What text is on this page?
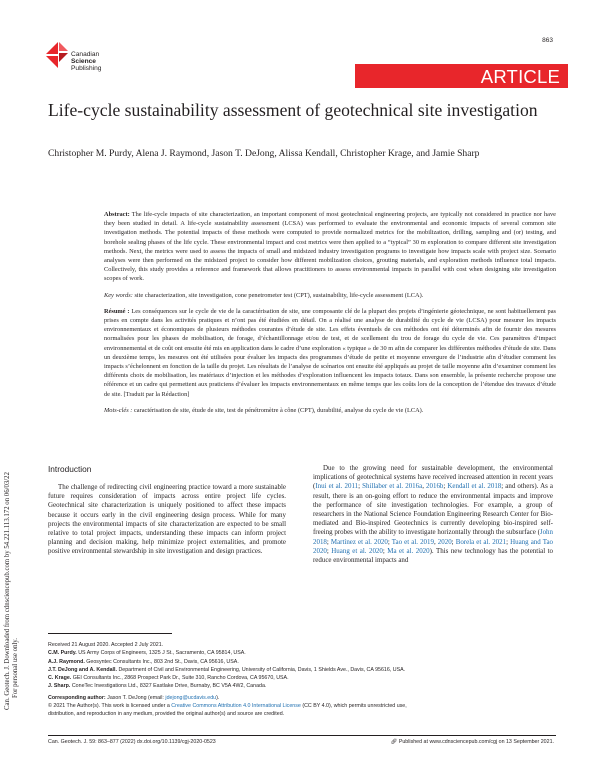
Canadian
Science
Publishing
863
ARTICLE
Life-cycle sustainability assessment of geotechnical site investigation
Christopher M. Purdy, Alena J. Raymond, Jason T. DeJong, Alissa Kendall, Christopher Krage, and Jamie Sharp
Can. Geotech. J. Downloaded from cdnsciencepub.com by 54.221.113.172 on 06/03/22
For personal use only.

Abstract: The life-cycle impacts of site characterization, an important component of most geotechnical engineering projects, are typically not considered in practice nor have they been studied in detail. A life-cycle sustainability assessment (LCSA) was performed to evaluate the environmental and economic impacts of several common site investigation methods. The potential impacts of these methods were computed to provide normalized metrics for the mobilization, drilling, sampling and (or) testing, and borehole sealing phases of the life cycle. These environmental impact and cost metrics were then applied to a “typical” 30 m exploration to compare different site investigation methods. Next, the metrics were used to assess the impacts of small and midsized industry investigation programs to investigate how impacts scale with project size. Scenario analyses were then performed on the midsized project to consider how different mobilization choices, grouting materials, and exploration methods influence total impacts. Collectively, this study provides a reference and framework that allows practitioners to assess environmental impacts in parallel with cost when designing site investigation scopes of work.

Key words: site characterization, site investigation, cone penetrometer test (CPT), sustainability, life-cycle assessment (LCA).

Résumé : Les conséquences sur le cycle de vie de la caractérisation de site, une composante clé de la plupart des projets d’ingénierie géotechnique, ne sont habituellement pas prises en compte dans les activités pratiques et n’ont pas été étudiées en détail. On a réalisé une analyse de durabilité du cycle de vie (LCSA) pour mesurer les impacts environnementaux et économiques de plusieurs méthodes courantes d’étude de site. Les effets éventuels de ces méthodes ont été déterminés afin de fournir des mesures normalisées pour les phases de mobilisation, de forage, d’échantillonnage et/ou de test, et de scellement du trou de forage du cycle de vie. Ces paramètres d’impact environnemental et de coût ont ensuite été mis en application dans le cadre d’une exploration « typique » de 30 m afin de comparer les différentes méthodes d’étude de site. Dans un deuxième temps, les mesures ont été utilisées pour évaluer les impacts des programmes d’étude de petite et moyenne envergure de l’industrie afin d’étudier comment les impacts s’échelonnent en fonction de la taille du projet. Les résultats de l’analyse de scénarios ont ensuite été appliqués au projet de taille moyenne afin d’examiner comment les différents choix de mobilisation, les matériaux d’injection et les méthodes d’exploration influencent les impacts totaux. Dans son ensemble, la présente recherche propose une référence et un cadre qui permettent aux praticiens d’évaluer les impacts environnementaux en même temps que les coûts lors de la conception de l’étendue des travaux d’étude de site. [Traduit par la Rédaction]

Mots-clés : caractérisation de site, étude de site, test de pénétromètre à cône (CPT), durabilité, analyse du cycle de vie (LCA).

Introduction

The challenge of redirecting civil engineering practice toward a more sustainable future requires consideration of impacts across entire project life cycles. Geotechnical site characterization is uniquely positioned to affect these impacts because it occurs early in the civil engineering design process. While for many projects the environmental impacts of site characterization are expected to be small relative to total project impacts, understanding these impacts can inform project planning and decision making, help minimize project externalities, and promote positive environmental stewardship in site investigation and design practices.

Due to the growing need for sustainable development, the environmental implications of geotechnical systems have received increased attention in recent years (Inui et al. 2011; Shillaber et al. 2016a, 2016b; Kendall et al. 2018; and others). As a result, there is an on-going effort to reduce the environmental impacts and improve the performance of site investigation technologies. For example, a group of researchers in the National Science Foundation Engineering Research Center for Bio-mediated and Bio-inspired Geotechnics is currently developing bio-inspired self-freeing probes with the ability to investigate horizontally through the subsurface (John 2018; Martínez et al. 2020; Tao et al. 2019, 2020; Borela et al. 2021; Huang and Tao 2020; Huang et al. 2020; Ma et al. 2020). This new technology has the potential to reduce environmental impacts and

Received 21 August 2020. Accepted 2 July 2021.
C.M. Purdy. US Army Corps of Engineers, 1325 J St., Sacramento, CA 95814, USA.
A.J. Raymond. Geosyntec Consultants Inc., 803 2nd St., Davis, CA 95616, USA.
J.T. DeJong and A. Kendall. Department of Civil and Environmental Engineering, University of California, Davis, 1 Shields Ave., Davis, CA 95616, USA.
C. Krage. GEI Consultants Inc., 2868 Prospect Park Dr., Suite 310, Rancho Cordova, CA 95670, USA.
J. Sharp. ConeTec Investigations Ltd., 8327 Eastlake Drive, Burnaby, BC V5A 4W2, Canada.
Corresponding author: Jason T. DeJong (email: jdejong@ucdavis.edu).
© 2021 The Author(s). This work is licensed under a Creative Commons Attribution 4.0 International License (CC BY 4.0), which permits unrestricted use,
distribution, and reproduction in any medium, provided the original author(s) and source are credited.
Can. Geotech. J. 59: 863–877 (2022) dx.doi.org/10.1139/cgj-2020-0523	🔗︎ Published at www.cdnsciencepub.com/cgj on 13 September 2021.
